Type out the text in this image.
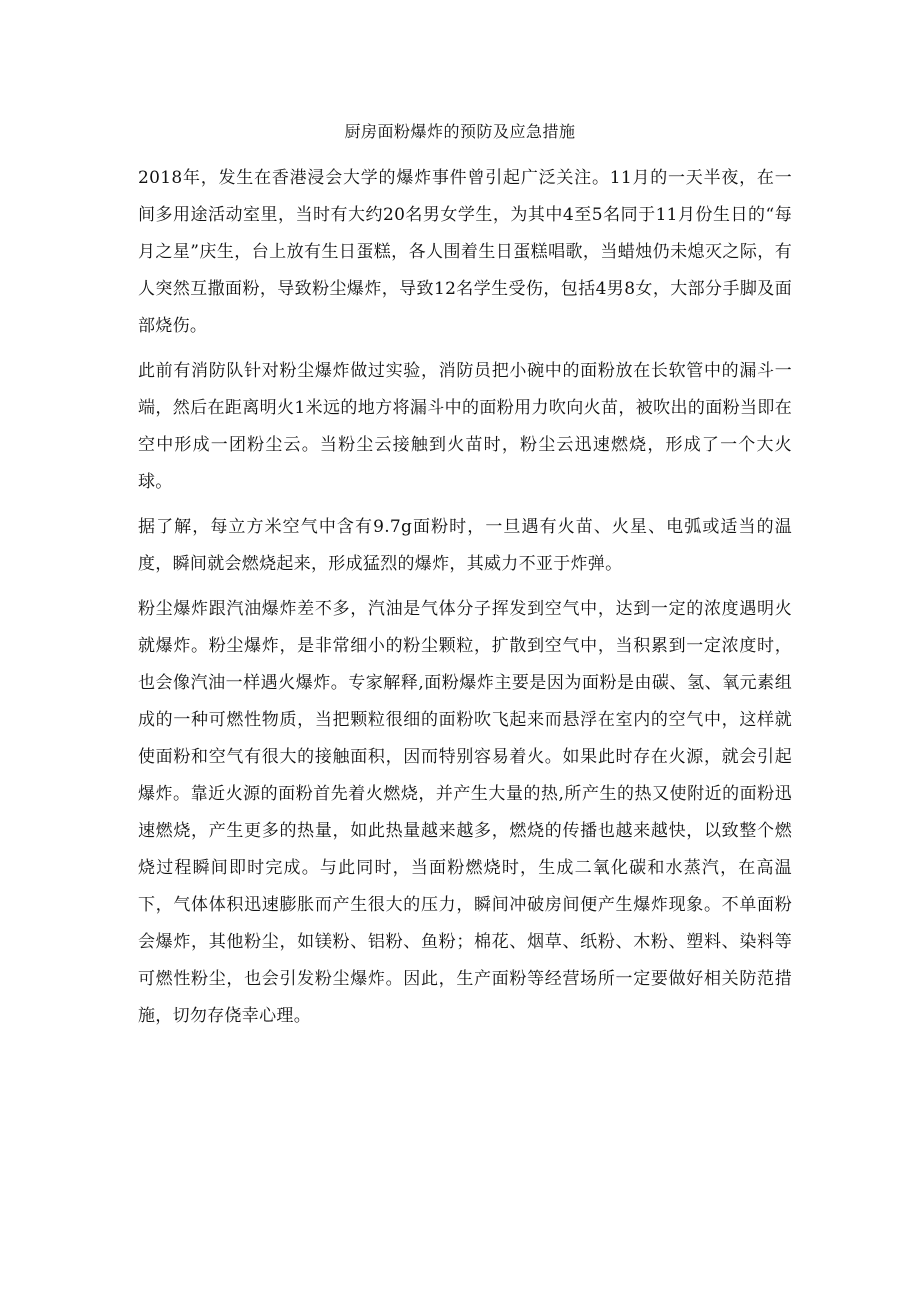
厨房面粉爆炸的预防及应急措施

2018年，发生在香港浸会大学的爆炸事件曾引起广泛关注。11月的一天半夜，在一间多用途活动室里，当时有大约20名男女学生，为其中4至5名同于11月份生日的“每月之星”庆生，台上放有生日蛋糕，各人围着生日蛋糕唱歌，当蜡烛仍未熄灭之际，有人突然互撒面粉，导致粉尘爆炸，导致12名学生受伤，包括4男8女，大部分手脚及面部烧伤。

此前有消防队针对粉尘爆炸做过实验，消防员把小碗中的面粉放在长软管中的漏斗一端，然后在距离明火1米远的地方将漏斗中的面粉用力吹向火苗，被吹出的面粉当即在空中形成一团粉尘云。当粉尘云接触到火苗时，粉尘云迅速燃烧，形成了一个大火球。

据了解，每立方米空气中含有9.7g面粉时，一旦遇有火苗、火星、电弧或适当的温度，瞬间就会燃烧起来，形成猛烈的爆炸，其威力不亚于炸弹。

粉尘爆炸跟汽油爆炸差不多，汽油是气体分子挥发到空气中，达到一定的浓度遇明火就爆炸。粉尘爆炸，是非常细小的粉尘颗粒，扩散到空气中，当积累到一定浓度时，也会像汽油一样遇火爆炸。专家解释,面粉爆炸主要是因为面粉是由碳、氢、氧元素组成的一种可燃性物质，当把颗粒很细的面粉吹飞起来而悬浮在室内的空气中，这样就使面粉和空气有很大的接触面积，因而特别容易着火。如果此时存在火源，就会引起爆炸。靠近火源的面粉首先着火燃烧，并产生大量的热,所产生的热又使附近的面粉迅速燃烧，产生更多的热量，如此热量越来越多，燃烧的传播也越来越快，以致整个燃烧过程瞬间即时完成。与此同时，当面粉燃烧时，生成二氧化碳和水蒸汽，在高温下，气体体积迅速膨胀而产生很大的压力，瞬间冲破房间便产生爆炸现象。不单面粉会爆炸，其他粉尘，如镁粉、铝粉、鱼粉；棉花、烟草、纸粉、木粉、塑料、染料等可燃性粉尘，也会引发粉尘爆炸。因此，生产面粉等经营场所一定要做好相关防范措施，切勿存侥幸心理。
